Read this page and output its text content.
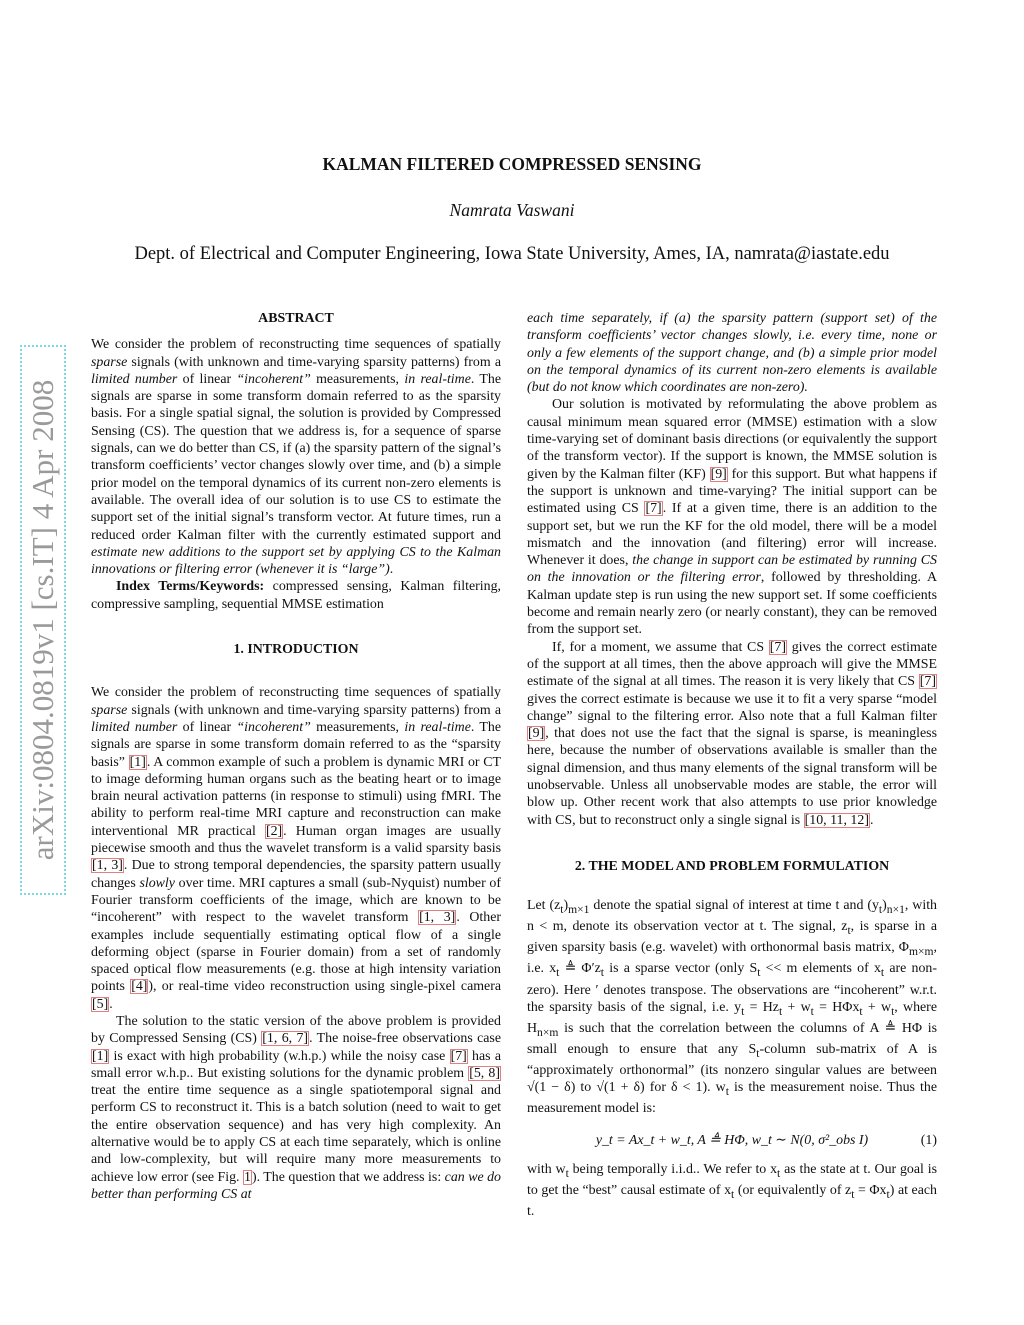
arXiv:0804.0819v1 [cs.IT] 4 Apr 2008
KALMAN FILTERED COMPRESSED SENSING
Namrata Vaswani
Dept. of Electrical and Computer Engineering, Iowa State University, Ames, IA, namrata@iastate.edu
ABSTRACT

We consider the problem of reconstructing time sequences of spatially sparse signals (with unknown and time-varying sparsity patterns) from a limited number of linear “incoherent” measurements, in real-time. The signals are sparse in some transform domain referred to as the sparsity basis. For a single spatial signal, the solution is provided by Compressed Sensing (CS). The question that we address is, for a sequence of sparse signals, can we do better than CS, if (a) the sparsity pattern of the signal’s transform coefficients’ vector changes slowly over time, and (b) a simple prior model on the temporal dynamics of its current non-zero elements is available. The overall idea of our solution is to use CS to estimate the support set of the initial signal’s transform vector. At future times, run a reduced order Kalman filter with the currently estimated support and estimate new additions to the support set by applying CS to the Kalman innovations or filtering error (whenever it is “large”).

Index Terms/Keywords: compressed sensing, Kalman filtering, compressive sampling, sequential MMSE estimation

1. INTRODUCTION

We consider the problem of reconstructing time sequences of spatially sparse signals (with unknown and time-varying sparsity patterns) from a limited number of linear “incoherent” measurements, in real-time. The signals are sparse in some transform domain referred to as the “sparsity basis” [1]. A common example of such a problem is dynamic MRI or CT to image deforming human organs such as the beating heart or to image brain neural activation patterns (in response to stimuli) using fMRI. The ability to perform real-time MRI capture and reconstruction can make interventional MR practical [2]. Human organ images are usually piecewise smooth and thus the wavelet transform is a valid sparsity basis [1, 3]. Due to strong temporal dependencies, the sparsity pattern usually changes slowly over time. MRI captures a small (sub-Nyquist) number of Fourier transform coefficients of the image, which are known to be “incoherent” with respect to the wavelet transform [1, 3]. Other examples include sequentially estimating optical flow of a single deforming object (sparse in Fourier domain) from a set of randomly spaced optical flow measurements (e.g. those at high intensity variation points [4]), or real-time video reconstruction using single-pixel camera [5].

The solution to the static version of the above problem is provided by Compressed Sensing (CS) [1, 6, 7]. The noise-free observations case [1] is exact with high probability (w.h.p.) while the noisy case [7] has a small error w.h.p.. But existing solutions for the dynamic problem [5, 8] treat the entire time sequence as a single spatiotemporal signal and perform CS to reconstruct it. This is a batch solution (need to wait to get the entire observation sequence) and has very high complexity. An alternative would be to apply CS at each time separately, which is online and low-complexity, but will require many more measurements to achieve low error (see Fig. 1). The question that we address is: can we do better than performing CS at

each time separately, if (a) the sparsity pattern (support set) of the transform coefficients’ vector changes slowly, i.e. every time, none or only a few elements of the support change, and (b) a simple prior model on the temporal dynamics of its current non-zero elements is available (but do not know which coordinates are non-zero).

Our solution is motivated by reformulating the above problem as causal minimum mean squared error (MMSE) estimation with a slow time-varying set of dominant basis directions (or equivalently the support of the transform vector). If the support is known, the MMSE solution is given by the Kalman filter (KF) [9] for this support. But what happens if the support is unknown and time-varying? The initial support can be estimated using CS [7]. If at a given time, there is an addition to the support set, but we run the KF for the old model, there will be a model mismatch and the innovation (and filtering) error will increase. Whenever it does, the change in support can be estimated by running CS on the innovation or the filtering error, followed by thresholding. A Kalman update step is run using the new support set. If some coefficients become and remain nearly zero (or nearly constant), they can be removed from the support set.

If, for a moment, we assume that CS [7] gives the correct estimate of the support at all times, then the above approach will give the MMSE estimate of the signal at all times. The reason it is very likely that CS [7] gives the correct estimate is because we use it to fit a very sparse “model change” signal to the filtering error. Also note that a full Kalman filter [9], that does not use the fact that the signal is sparse, is meaningless here, because the number of observations available is smaller than the signal dimension, and thus many elements of the signal transform will be unobservable. Unless all unobservable modes are stable, the error will blow up. Other recent work that also attempts to use prior knowledge with CS, but to reconstruct only a single signal is [10, 11, 12].

2. THE MODEL AND PROBLEM FORMULATION

Let $(z_t)_{m\times 1}$ denote the spatial signal of interest at time t and $(y_t)_{n\times 1}$, with n < m, denote its observation vector at t. The signal, $z_t$, is sparse in a given sparsity basis (e.g. wavelet) with orthonormal basis matrix, $\Phi_{m\times m}$, i.e. $x_t$ ≜ $\Phi'z_t$ is a sparse vector (only $S_t << m$ elements of $x_t$ are non-zero). Here ′ denotes transpose. The observations are “incoherent” w.r.t. the sparsity basis of the signal, i.e. $y_t = Hz_t + w_t = H\Phi x_t + w_t$, where $H_{n\times m}$ is such that the correlation between the columns of A ≜ HΦ is small enough to ensure that any $S_t$-column sub-matrix of A is “approximately orthonormal” (its nonzero singular values are between √(1 − δ) to √(1 + δ) for δ < 1). $w_t$ is the measurement noise. Thus the measurement model is:

y_t = Ax_t + w_t, A ≜ HΦ, w_t ∼ N(0, σ²_obs I)	(1)

with $w_t$ being temporally i.i.d.. We refer to $x_t$ as the state at t. Our goal is to get the “best” causal estimate of $x_t$ (or equivalently of $z_t = \Phi x_t$) at each t.
